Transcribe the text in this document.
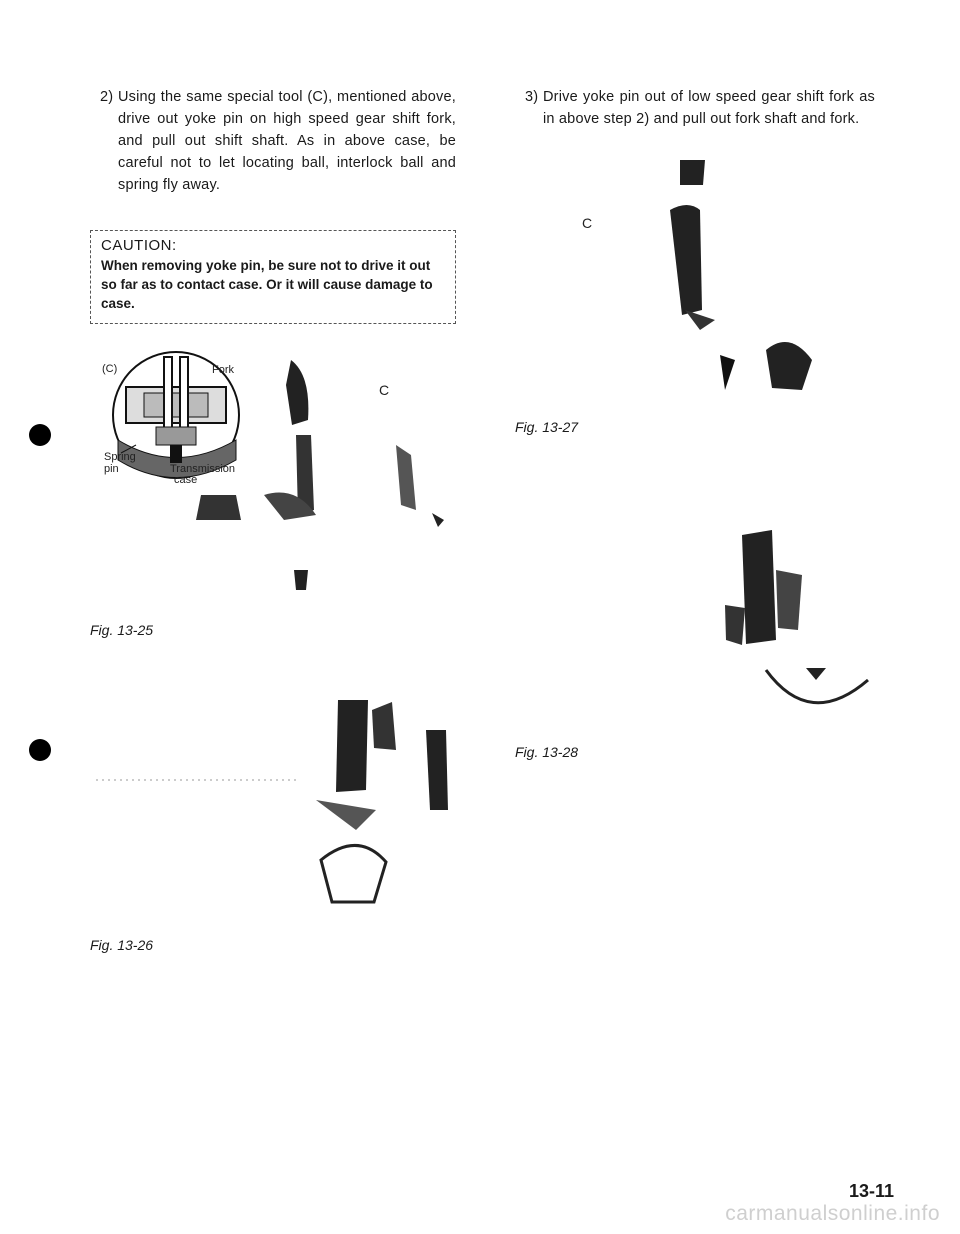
2) Using the same special tool (C), mentioned above, drive out yoke pin on high speed gear shift fork, and pull out shift shaft. As in above case, be careful not to let locating ball, interlock ball and spring fly away.
CAUTION:
When removing yoke pin, be sure not to drive it out so far as to contact case. Or it will cause damage to case.
(C)	Fork
Spring
pin	Transmission
case
C
Fig. 13-25
Fig. 13-26
3) Drive yoke pin out of low speed gear shift fork as in above step 2) and pull out fork shaft and fork.
C
Fig. 13-27
Fig. 13-28
13-11
carmanualsonline.info
